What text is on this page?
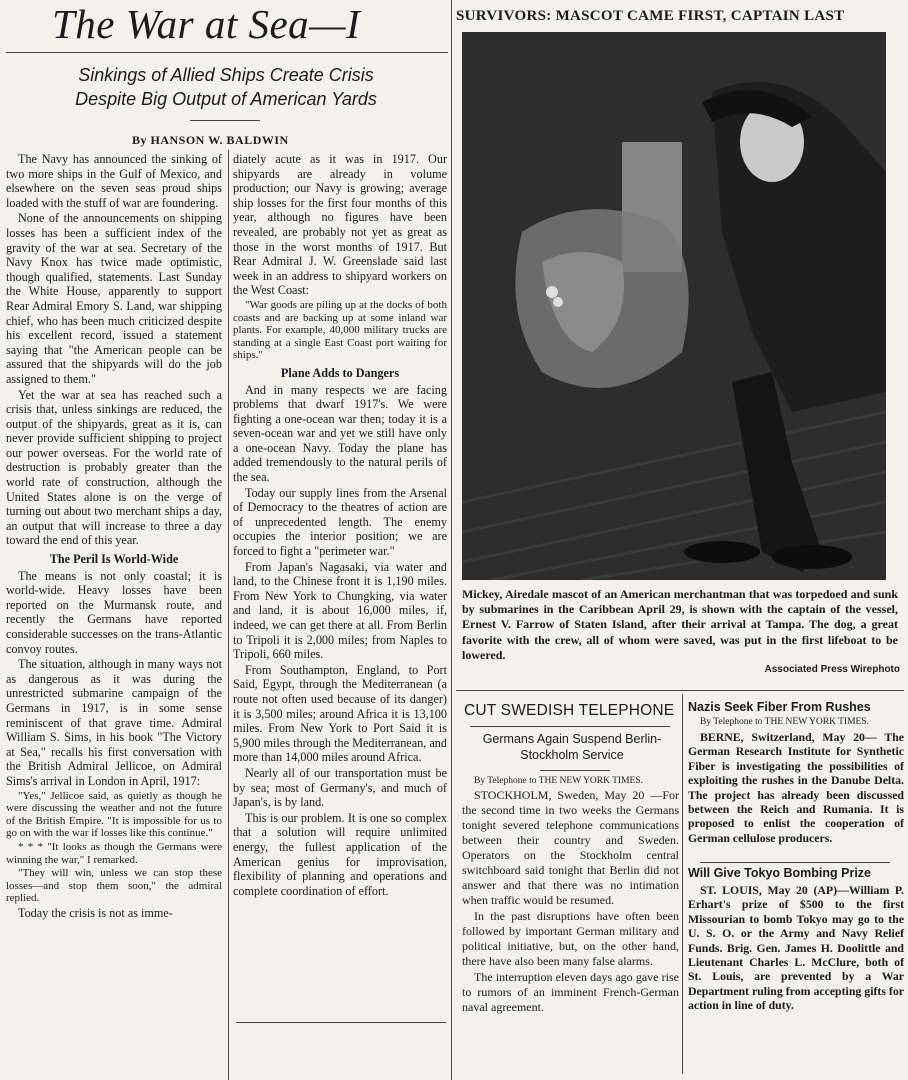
The War at Sea—I
Sinkings of Allied Ships Create Crisis
Despite Big Output of American Yards
By HANSON W. BALDWIN

The Navy has announced the sinking of two more ships in the Gulf of Mexico, and elsewhere on the seven seas proud ships loaded with the stuff of war are foundering.

None of the announcements on shipping losses has been a sufficient index of the gravity of the war at sea. Secretary of the Navy Knox has twice made optimistic, though qualified, statements. Last Sunday the White House, apparently to support Rear Admiral Emory S. Land, war shipping chief, who has been much criticized despite his excellent record, issued a statement saying that "the American people can be assured that the shipyards will do the job assigned to them."

Yet the war at sea has reached such a crisis that, unless sinkings are reduced, the output of the shipyards, great as it is, can never provide sufficient shipping to project our power overseas. For the world rate of destruction is probably greater than the world rate of construction, although the United States alone is on the verge of turning out about two merchant ships a day, an output that will increase to three a day toward the end of this year.

The Peril Is World-Wide

The means is not only coastal; it is world-wide. Heavy losses have been reported on the Murmansk route, and recently the Germans have reported considerable successes on the trans-Atlantic convoy routes.

The situation, although in many ways not as dangerous as it was during the unrestricted submarine campaign of the Germans in 1917, is in some sense reminiscent of that grave time. Admiral William S. Sims, in his book "The Victory at Sea," recalls his first conversation with the British Admiral Jellicoe, on Admiral Sims's arrival in London in April, 1917:

"Yes," Jellicoe said, as quietly as though he were discussing the weather and not the future of the British Empire. "It is impossible for us to go on with the war if losses like this continue."

* * * "It looks as though the Germans were winning the war," I remarked.

"They will win, unless we can stop these losses—and stop them soon," the admiral replied.

Today the crisis is not as imme-

diately acute as it was in 1917. Our shipyards are already in volume production; our Navy is growing; average ship losses for the first four months of this year, although no figures have been revealed, are probably not yet as great as those in the worst months of 1917. But Rear Admiral J. W. Greenslade said last week in an address to shipyard workers on the West Coast:

"War goods are piling up at the docks of both coasts and are backing up at some inland war plants. For example, 40,000 military trucks are standing at a single East Coast port waiting for ships."

Plane Adds to Dangers

And in many respects we are facing problems that dwarf 1917's. We were fighting a one-ocean war then; today it is a seven-ocean war and yet we still have only a one-ocean Navy. Today the plane has added tremendously to the natural perils of the sea.

Today our supply lines from the Arsenal of Democracy to the theatres of action are of unprecedented length. The enemy occupies the interior position; we are forced to fight a "perimeter war."

From Japan's Nagasaki, via water and land, to the Chinese front it is 1,190 miles. From New York to Chungking, via water and land, it is about 16,000 miles, if, indeed, we can get there at all. From Berlin to Tripoli it is 2,000 miles; from Naples to Tripoli, 660 miles.

From Southampton, England, to Port Said, Egypt, through the Mediterranean (a route not often used because of its danger) it is 3,500 miles; around Africa it is 13,100 miles. From New York to Port Said it is 5,900 miles through the Mediterranean, and more than 14,000 miles around Africa.

Nearly all of our transportation must be by sea; most of Germany's, and much of Japan's, is by land.

This is our problem. It is one so complex that a solution will require unlimited energy, the fullest application of the American genius for improvisation, flexibility of planning and operations and complete coordination of effort.

SURVIVORS: MASCOT CAME FIRST, CAPTAIN LAST
Mickey, Airedale mascot of an American merchantman that was torpedoed and sunk by submarines in the Caribbean April 29, is shown with the captain of the vessel, Ernest V. Farrow of Staten Island, after their arrival at Tampa. The dog, a great favorite with the crew, all of whom were saved, was put in the first lifeboat to be lowered.
Associated Press Wirephoto
CUT SWEDISH TELEPHONE
Germans Again Suspend Berlin-Stockholm Service
By Telephone to THE NEW YORK TIMES.

STOCKHOLM, Sweden, May 20 —For the second time in two weeks the Germans tonight severed telephone communications between their country and Sweden. Operators on the Stockholm central switchboard said tonight that Berlin did not answer and that there was no intimation when traffic would be resumed.

In the past disruptions have often been followed by important German military and political initiative, but, on the other hand, there have also been many false alarms.

The interruption eleven days ago gave rise to rumors of an imminent French-German naval agreement.

Nazis Seek Fiber From Rushes
By Telephone to THE NEW YORK TIMES.

BERNE, Switzerland, May 20— The German Research Institute for Synthetic Fiber is investigating the possibilities of exploiting the rushes in the Danube Delta. The project has already been discussed between the Reich and Rumania. It is proposed to enlist the cooperation of German cellulose producers.

Will Give Tokyo Bombing Prize

ST. LOUIS, May 20 (AP)—William P. Erhart's prize of $500 to the first Missourian to bomb Tokyo may go to the U. S. O. or the Army and Navy Relief Funds. Brig. Gen. James H. Doolittle and Lieutenant Charles L. McClure, both of St. Louis, are prevented by a War Department ruling from accepting gifts for action in line of duty.
